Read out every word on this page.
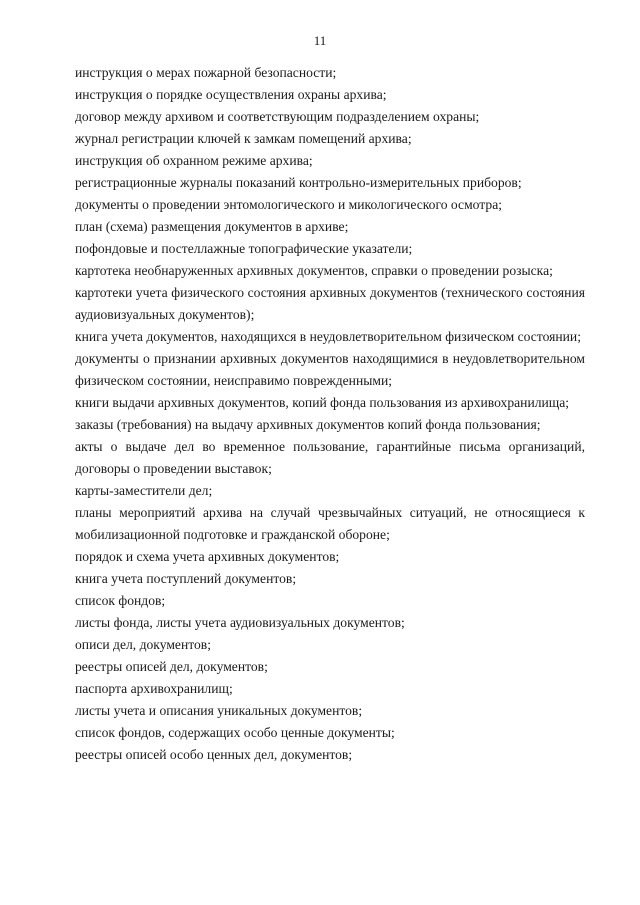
11
инструкция о мерах пожарной безопасности;
инструкция о порядке осуществления охраны архива;
договор между архивом и соответствующим подразделением охраны;
журнал регистрации ключей к замкам помещений архива;
инструкция об охранном режиме архива;
регистрационные журналы показаний контрольно-измерительных приборов;
документы о проведении энтомологического и микологического осмотра;
план (схема) размещения документов в архиве;
пофондовые и постеллажные топографические указатели;
картотека необнаруженных архивных документов, справки о проведении розыска;
картотеки учета физического состояния архивных документов (технического состояния аудиовизуальных документов);
книга учета документов, находящихся в неудовлетворительном физическом состоянии;
документы о признании архивных документов находящимися в неудовлетворительном физическом состоянии, неисправимо поврежденными;
книги выдачи архивных документов, копий фонда пользования из архивохранилища;
заказы (требования) на выдачу архивных документов копий фонда пользования;
акты о выдаче дел во временное пользование, гарантийные письма организаций, договоры о проведении выставок;
карты-заместители дел;
планы мероприятий архива на случай чрезвычайных ситуаций, не относящиеся к мобилизационной подготовке и гражданской обороне;
порядок и схема учета архивных документов;
книга учета поступлений документов;
список фондов;
листы фонда, листы учета аудиовизуальных документов;
описи дел, документов;
реестры описей дел, документов;
паспорта архивохранилищ;
листы учета и описания уникальных документов;
список фондов, содержащих особо ценные документы;
реестры описей особо ценных дел, документов;
